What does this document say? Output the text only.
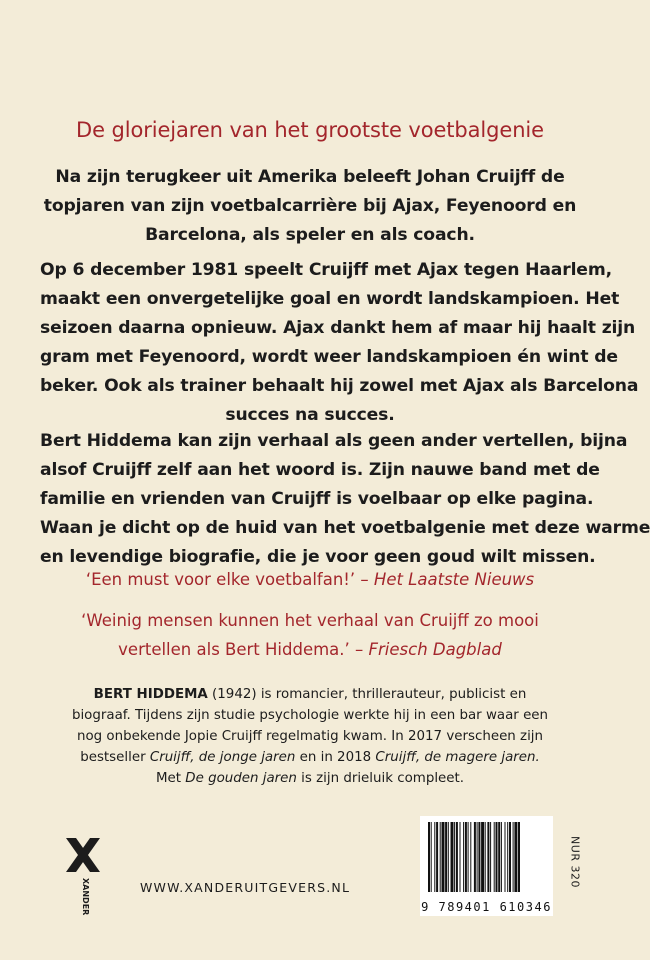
De gloriejaren van het grootste voetbalgenie
Na zijn terugkeer uit Amerika beleeft Johan Cruijff de
topjaren van zijn voetbalcarrière bij Ajax, Feyenoord en
Barcelona, als speler en als coach.
Op 6 december 1981 speelt Cruijff met Ajax tegen Haarlem,
maakt een onvergetelijke goal en wordt landskampioen. Het
seizoen daarna opnieuw. Ajax dankt hem af maar hij haalt zijn
gram met Feyenoord, wordt weer landskampioen én wint de
beker. Ook als trainer behaalt hij zowel met Ajax als Barcelona
succes na succes.
Bert Hiddema kan zijn verhaal als geen ander vertellen, bijna
alsof Cruijff zelf aan het woord is. Zijn nauwe band met de
familie en vrienden van Cruijff is voelbaar op elke pagina.
Waan je dicht op de huid van het voetbalgenie met deze warme
en levendige biografie, die je voor geen goud wilt missen.
‘Een must voor elke voetbalfan!’ – Het Laatste Nieuws
‘Weinig mensen kunnen het verhaal van Cruijff zo mooi
vertellen als Bert Hiddema.’ – Friesch Dagblad
BERT HIDDEMA (1942) is romancier, thrillerauteur, publicist en
biograaf. Tijdens zijn studie psychologie werkte hij in een bar waar een
nog onbekende Jopie Cruijff regelmatig kwam. In 2017 verscheen zijn
bestseller Cruijff, de jonge jaren en in 2018 Cruijff, de magere jaren.
Met De gouden jaren is zijn drieluik compleet.
XANDER	WWW.XANDERUITGEVERS.NL
9 789401 610346
NUR 320
